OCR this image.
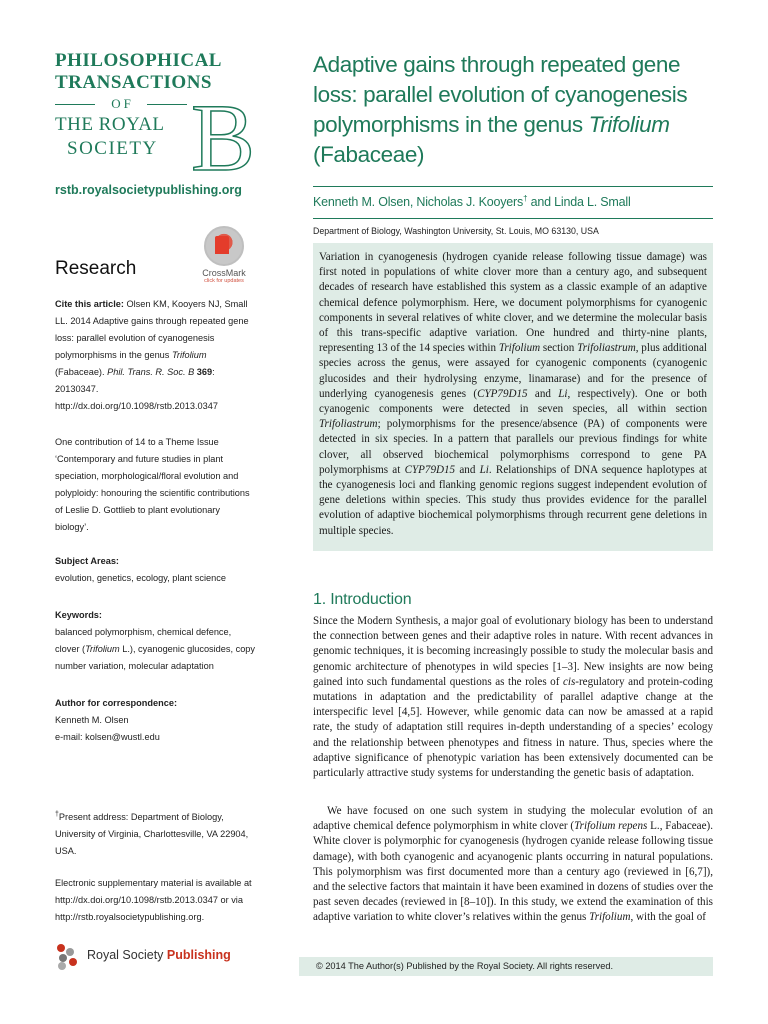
PHILOSOPHICAL
TRANSACTIONS
OF
THE ROYAL
SOCIETY B
rstb.royalsocietypublishing.org
CrossMark
click for updates
Research
Cite this article: Olsen KM, Kooyers NJ, Small LL. 2014 Adaptive gains through repeated gene loss: parallel evolution of cyanogenesis polymorphisms in the genus Trifolium (Fabaceae). Phil. Trans. R. Soc. B 369: 20130347.
http://dx.doi.org/10.1098/rstb.2013.0347
One contribution of 14 to a Theme Issue ‘Contemporary and future studies in plant speciation, morphological/floral evolution and polyploidy: honouring the scientific contributions of Leslie D. Gottlieb to plant evolutionary biology’.
Subject Areas:
evolution, genetics, ecology, plant science
Keywords:
balanced polymorphism, chemical defence, clover (Trifolium L.), cyanogenic glucosides, copy number variation, molecular adaptation
Author for correspondence:
Kenneth M. Olsen
e-mail: kolsen@wustl.edu
†Present address: Department of Biology, University of Virginia, Charlottesville, VA 22904, USA.
Electronic supplementary material is available at http://dx.doi.org/10.1098/rstb.2013.0347 or via http://rstb.royalsocietypublishing.org.
Royal Society Publishing
Adaptive gains through repeated gene loss: parallel evolution of cyanogenesis polymorphisms in the genus Trifolium (Fabaceae)
Kenneth M. Olsen, Nicholas J. Kooyers† and Linda L. Small
Department of Biology, Washington University, St. Louis, MO 63130, USA

Variation in cyanogenesis (hydrogen cyanide release following tissue damage) was first noted in populations of white clover more than a century ago, and subsequent decades of research have established this system as a classic example of an adaptive chemical defence polymorphism. Here, we document polymorphisms for cyanogenic components in several relatives of white clover, and we determine the molecular basis of this trans-specific adaptive variation. One hundred and thirty-nine plants, representing 13 of the 14 species within Trifolium section Trifoliastrum, plus additional species across the genus, were assayed for cyanogenic components (cyanogenic glucosides and their hydrolysing enzyme, linamarase) and for the presence of underlying cyanogenesis genes (CYP79D15 and Li, respectively). One or both cyanogenic components were detected in seven species, all within section Trifoliastrum; polymorphisms for the presence/absence (PA) of components were detected in six species. In a pattern that parallels our previous findings for white clover, all observed biochemical polymorphisms correspond to gene PA polymorphisms at CYP79D15 and Li. Relationships of DNA sequence haplotypes at the cyanogenesis loci and flanking genomic regions suggest independent evolution of gene deletions within species. This study thus provides evidence for the parallel evolution of adaptive biochemical polymorphisms through recurrent gene deletions in multiple species.

1. Introduction

Since the Modern Synthesis, a major goal of evolutionary biology has been to understand the connection between genes and their adaptive roles in nature. With recent advances in genomic techniques, it is becoming increasingly possible to study the molecular basis and genomic architecture of phenotypes in wild species [1–3]. New insights are now being gained into such fundamental questions as the roles of cis-regulatory and protein-coding mutations in adaptation and the predictability of parallel adaptive change at the interspecific level [4,5]. However, while genomic data can now be amassed at a rapid rate, the study of adaptation still requires in-depth understanding of a species’ ecology and the relationship between phenotypes and fitness in nature. Thus, species where the adaptive significance of phenotypic variation has been extensively documented can be particularly attractive study systems for understanding the genetic basis of adaptation.

We have focused on one such system in studying the molecular evolution of an adaptive chemical defence polymorphism in white clover (Trifolium repens L., Fabaceae). White clover is polymorphic for cyanogenesis (hydrogen cyanide release following tissue damage), with both cyanogenic and acyanogenic plants occurring in natural populations. This polymorphism was first documented more than a century ago (reviewed in [6,7]), and the selective factors that maintain it have been examined in dozens of studies over the past seven decades (reviewed in [8–10]). In this study, we extend the examination of this adaptive variation to white clover’s relatives within the genus Trifolium, with the goal of

© 2014 The Author(s) Published by the Royal Society. All rights reserved.
